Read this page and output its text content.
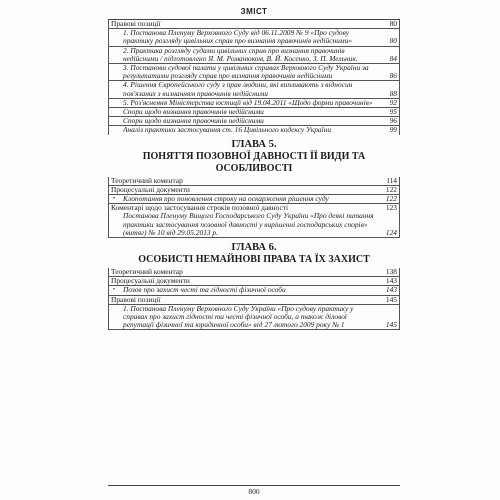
ЗМІСТ
Правові позиції	80
1. Постанова Пленуму Верховного Суду від 06.11.2009 № 9 «Про судову практику розгляду цивільних справ про визнання правочинів недійсними»	80
2. Практика розгляду судами цивільних справ про визнання правочинів недійсними / підготовлено Я. М. Романюком, В. Й. Косенко, З. П. Мельник.	84
3. Постанови судової палати у цивільних справах Верховного Суду України за результатами розгляду справ про визнання правочинів недійсними	86
4. Рішення Європейського суду з прав людини, які випливають з відносин пов'язаних з визнанням правочинів недійсними	88
5. Роз'яснення Міністерства юстиції від 19.04.2011 «Щодо форми правочинів»	92
Спори щодо визнання правочинів недійсними	95
Спори щодо визнання правочинів недійсними	96
Аналіз практики застосування ст. 16 Цивільного кодексу України	99
ГЛАВА 5.
ПОНЯТТЯ ПОЗОВНОЇ ДАВНОСТІ ЇЇ ВИДИ ТА ОСОБЛИВОСТІ
Теоретичний коментар	114
Процесуальні документи	122
•	Клопотання про поновлення строку на оскарження рішення суду	122
Коментарі щодо застосування строків позовної давності	123
Постанова Пленуму Вищого Господарського Суду України «Про деякі питання практики застосування позовної давності у вирішенні господарських спорів» (витяг) № 10 від 29.05.2013 р.	124
ГЛАВА 6.
ОСОБИСТІ НЕМАЙНОВІ ПРАВА ТА ЇХ ЗАХИСТ
Теоретичний коментар	138
Процесуальні документи	143
•	Позов про захист честі та гідності фізичної особи	143
Правові позиції	145
1. Постанова Пленуму Верховного Суду України «Про судову практику у справах про захист гідності та честі фізичної особи, а також ділової репутації фізичної та юридичної особи» від 27 лютого 2009 року № 1	145
800
